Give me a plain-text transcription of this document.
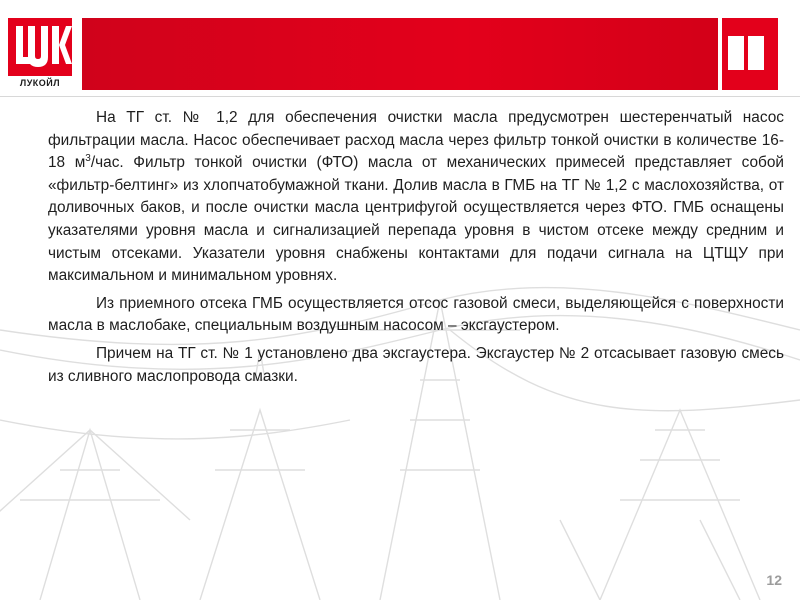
Всегда в движении!
ЛУКОЙЛ

На ТГ ст. № 1,2 для обеспечения очистки масла предусмотрен шестеренчатый насос фильтрации масла. Насос обеспечивает расход масла через фильтр тонкой очистки в количестве 16-18 $м^3$/час. Фильтр тонкой очистки (ФТО) масла от механических примесей представляет собой «фильтр-белтинг» из хлопчатобумажной ткани. Долив масла в ГМБ на ТГ № 1,2 с маслохозяйства, от доливочных баков, и после очистки масла центрифугой осуществляется через ФТО. ГМБ оснащены указателями уровня масла и сигнализацией перепада уровня в чистом отсеке между средним и чистым отсеками. Указатели уровня снабжены контактами для подачи сигнала на ЦТЩУ при максимальном и минимальном уровнях.

Из приемного отсека ГМБ осуществляется отсос газовой смеси, выделяющейся с поверхности масла в маслобаке, специальным воздушным насосом – эксгаустером.

Причем на ТГ ст. № 1 установлено два эксгаустера. Эксгаустер № 2 отсасывает газовую смесь из сливного маслопровода смазки.

12
